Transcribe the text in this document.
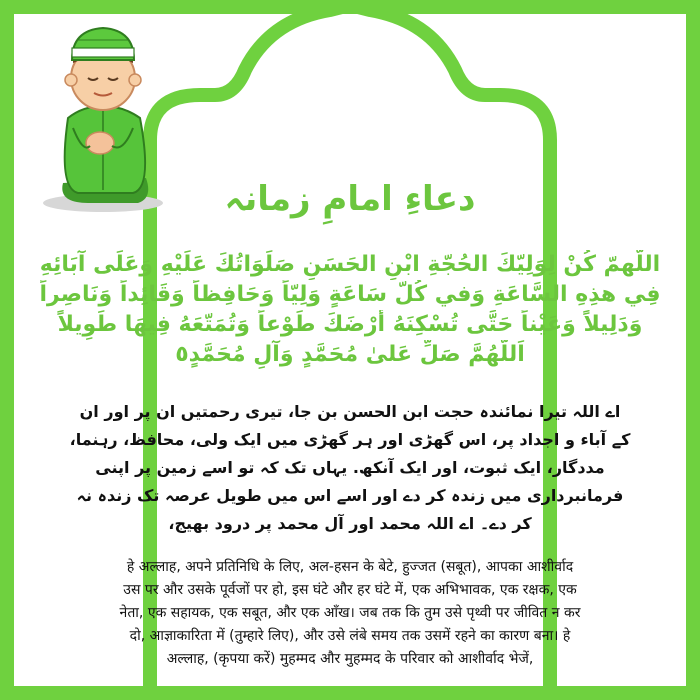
دعاءِ امامِ زمانہ
اللّهمّ كُنْ لِوَلِيّكَ الحُجّةِ ابْنِ الحَسَنِ صَلَوَاتُكَ عَلَيْهِ وَعَلَى آبَائِهِ
فِي هذِهِ السَّاعَةِ وَفي كُلّ سَاعَةٍ وَلِيّاً وَحَافِظاً وَقَائِداً وَنَاصِراً
وَدَلِيلاً وَعَيْناً حَتَّى تُسْكِنَهُ أَرْضَكَ طَوْعاً وَتُمَتّعَهُ فِيهَا طَوِيلاً
اَللّهُمَّ صَلِّ عَلىٰ مُحَمَّدٍ وَآلِ مُحَمَّدٍ٥
اے اللہ تیرا نمائندہ حجت ابن الحسن بن جا، تیری رحمتیں ان پر اور ان
کے آباء و اجداد پر، اس گھڑی اور ہر گھڑی میں ایک ولی، محافظ، رہنما،
مددگار، ایک ثبوت، اور ایک آنکھ. یہاں تک کہ تو اسے زمین پر اپنی
فرمانبرداری میں زندہ کر دے اور اسے اس میں طویل عرصہ تک زندہ نہ
کر دے۔ اے اللہ محمد اور آل محمد پر درود بھیج،
हे अल्लाह, अपने प्रतिनिधि के लिए, अल-हसन के बेटे, हुज्जत (सबूत), आपका आशीर्वाद
उस पर और उसके पूर्वजों पर हो, इस घंटे और हर घंटे में, एक अभिभावक, एक रक्षक, एक
नेता, एक सहायक, एक सबूत, और एक आँख। जब तक कि तुम उसे पृथ्वी पर जीवित न कर
दो, आज्ञाकारिता में (तुम्हारे लिए), और उसे लंबे समय तक उसमें रहने का कारण बना। हे
अल्लाह, (कृपया करें) मुहम्मद और मुहम्मद के परिवार को आशीर्वाद भेजें,
